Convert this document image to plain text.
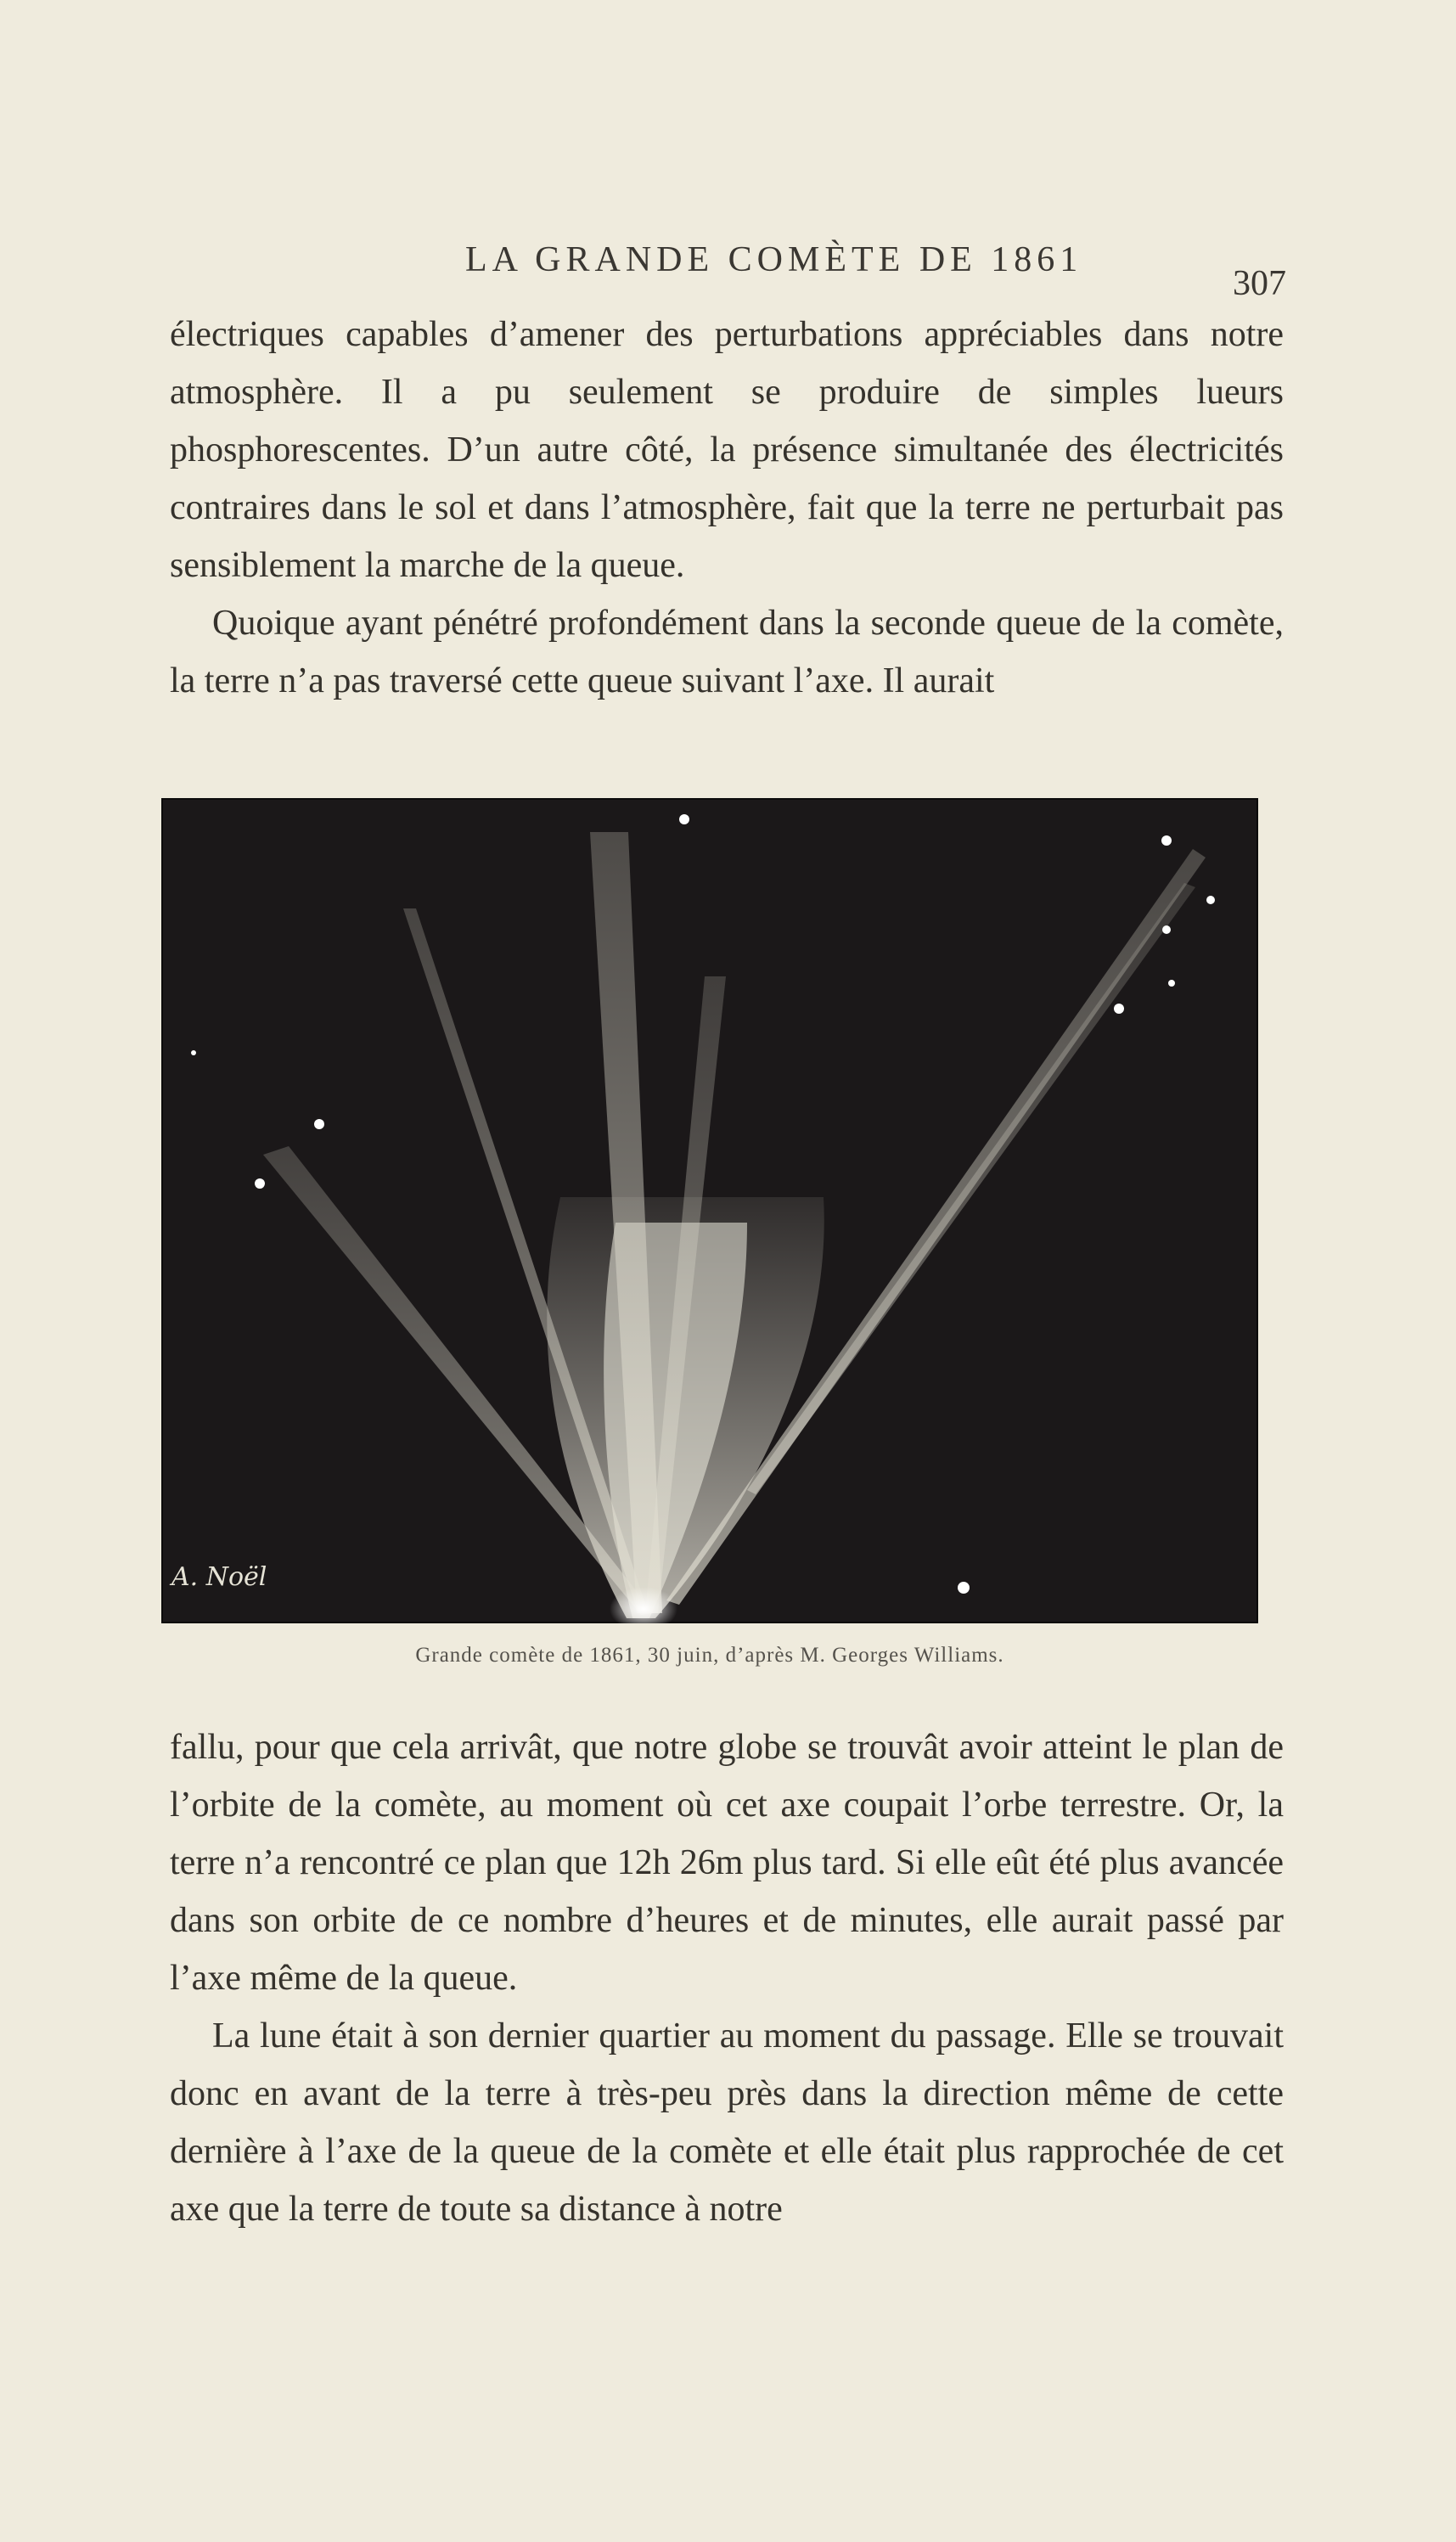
LA GRANDE COMÈTE DE 1861
307

électriques capables d’amener des perturbations appréciables dans notre atmosphère. Il a pu seulement se produire de simples lueurs phosphorescentes. D’un autre côté, la présence simultanée des électricités contraires dans le sol et dans l’atmosphère, fait que la terre ne perturbait pas sensiblement la marche de la queue.

Quoique ayant pénétré profondément dans la seconde queue de la comète, la terre n’a pas traversé cette queue suivant l’axe. Il aurait

A. Noël
Grande comète de 1861, 30 juin, d’après M. Georges Williams.

fallu, pour que cela arrivât, que notre globe se trouvât avoir atteint le plan de l’orbite de la comète, au moment où cet axe coupait l’orbe terrestre. Or, la terre n’a rencontré ce plan que 12h 26m plus tard. Si elle eût été plus avancée dans son orbite de ce nombre d’heures et de minutes, elle aurait passé par l’axe même de la queue.

La lune était à son dernier quartier au moment du passage. Elle se trouvait donc en avant de la terre à très-peu près dans la direction même de cette dernière à l’axe de la queue de la comète et elle était plus rapprochée de cet axe que la terre de toute sa distance à notre
